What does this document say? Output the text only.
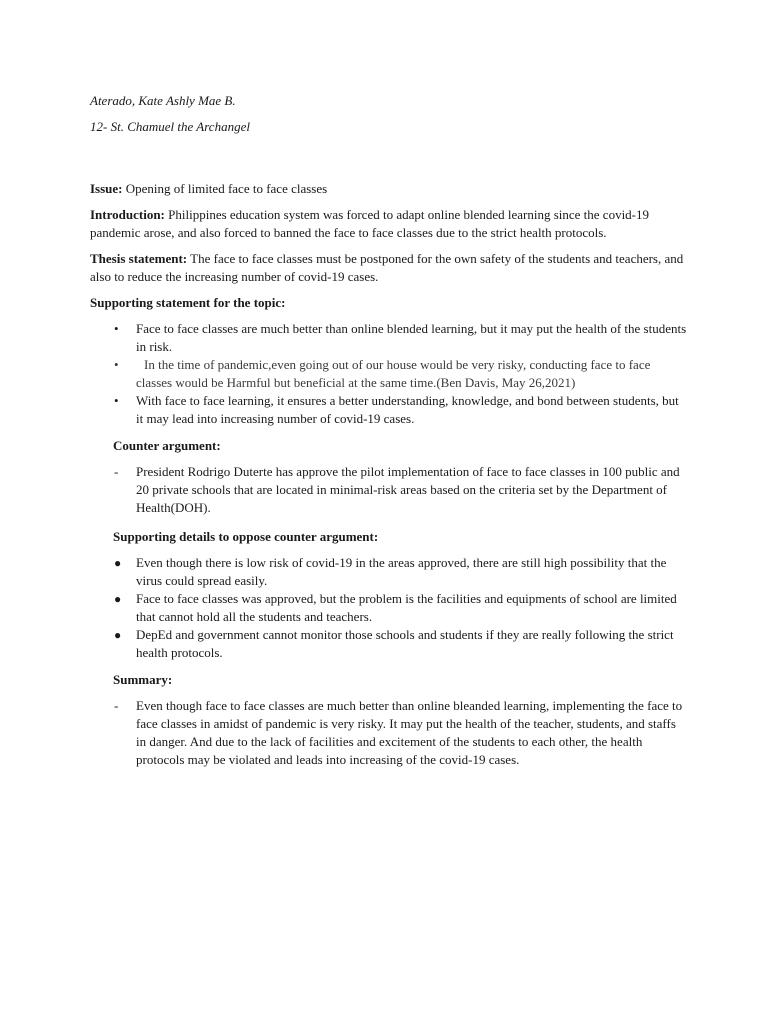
Aterado, Kate Ashly Mae B.

12- St. Chamuel the Archangel

Issue: Opening of limited face to face classes

Introduction: Philippines education system was forced to adapt online blended learning since the covid-19 pandemic arose, and also forced to banned the face to face classes due to the strict health protocols.

Thesis statement: The face to face classes must be postponed for the own safety of the students and teachers, and also to reduce the increasing number of covid-19 cases.

Supporting statement for the topic:

• Face to face classes are much better than online blended learning, but it may put the health of the students in risk.
• In the time of pandemic,even going out of our house would be very risky, conducting face to face classes would be Harmful but beneficial at the same time.(Ben Davis, May 26,2021)
• With face to face learning, it ensures a better understanding, knowledge, and bond between students, but it may lead into increasing number of covid-19 cases.

Counter argument:

- President Rodrigo Duterte has approve the pilot implementation of face to face classes in 100 public and 20 private schools that are located in minimal-risk areas based on the criteria set by the Department of Health(DOH).

Supporting details to oppose counter argument:

● Even though there is low risk of covid-19 in the areas approved, there are still high possibility that the virus could spread easily.
● Face to face classes was approved, but the problem is the facilities and equipments of school are limited that cannot hold all the students and teachers.
● DepEd and government cannot monitor those schools and students if they are really following the strict health protocols.

Summary:

- Even though face to face classes are much better than online bleanded learning, implementing the face to face classes in amidst of pandemic is very risky. It may put the health of the teacher, students, and staffs in danger. And due to the lack of facilities and excitement of the students to each other, the health protocols may be violated and leads into increasing of the covid-19 cases.
